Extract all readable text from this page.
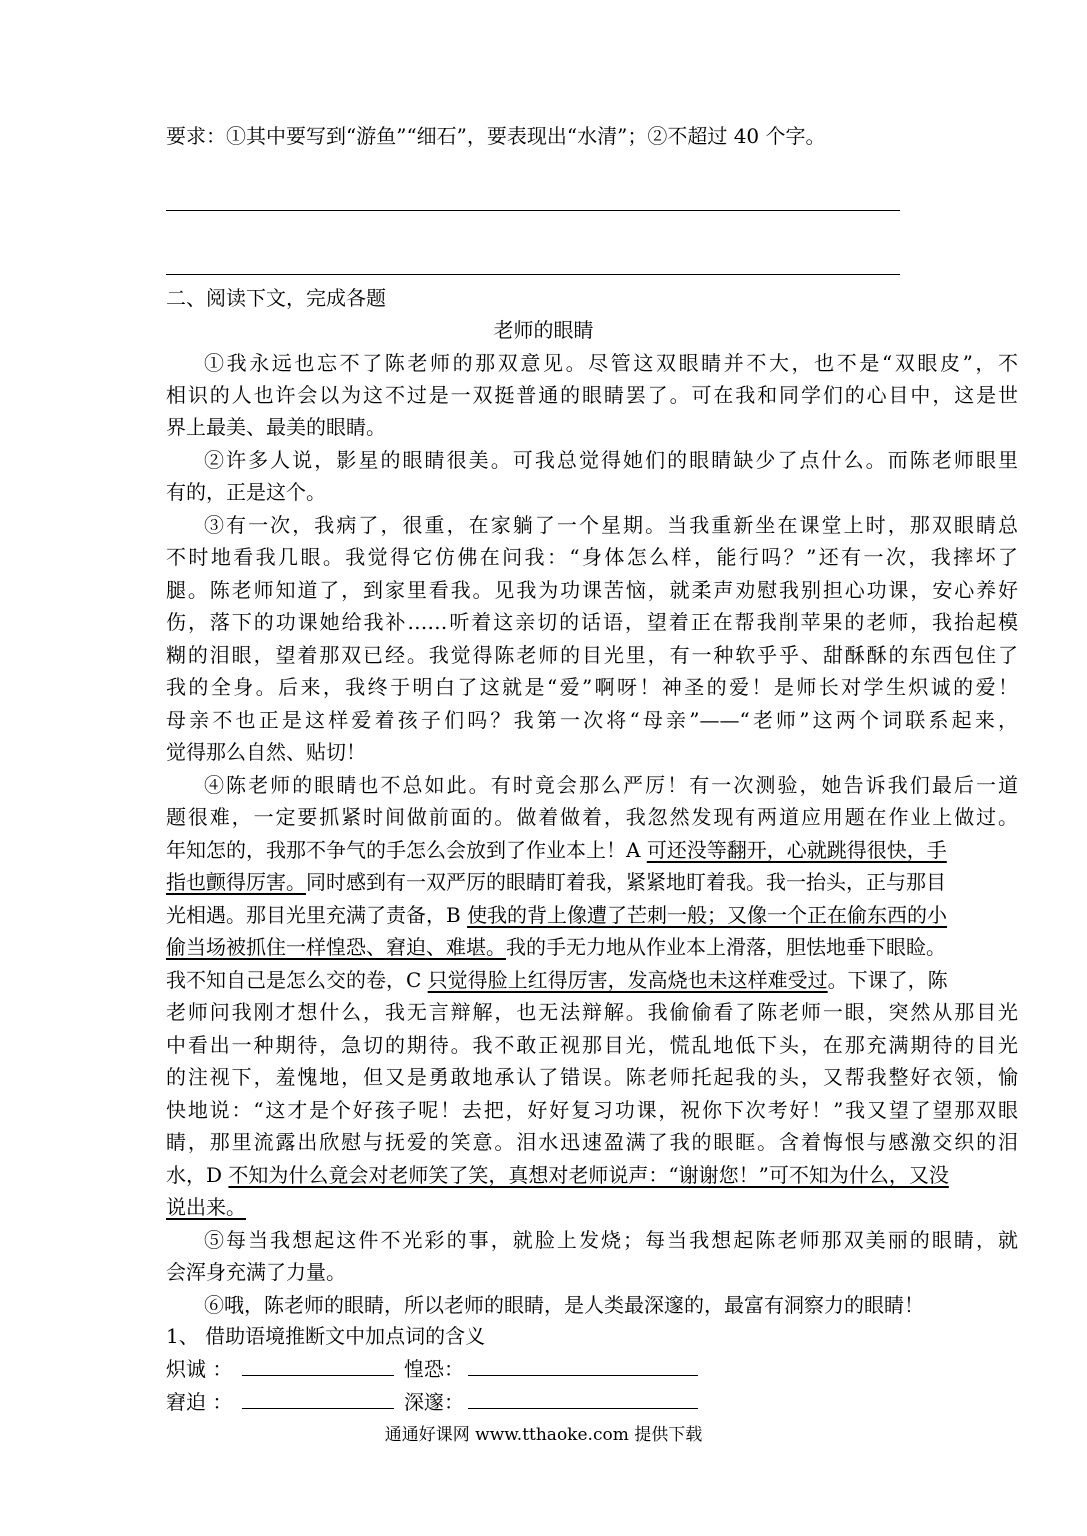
要求：①其中要写到“游鱼”“细石”，要表现出“水清”；②不超过 40 个字。
二、阅读下文，完成各题
老师的眼睛
①我永远也忘不了陈老师的那双意见。尽管这双眼睛并不大，也不是“双眼皮”，不
相识的人也许会以为这不过是一双挺普通的眼睛罢了。可在我和同学们的心目中，这是世
界上最美、最美的眼睛。
②许多人说，影星的眼睛很美。可我总觉得她们的眼睛缺少了点什么。而陈老师眼里
有的，正是这个。
③有一次，我病了，很重，在家躺了一个星期。当我重新坐在课堂上时，那双眼睛总
不时地看我几眼。我觉得它仿佛在问我：“身体怎么样，能行吗？”还有一次，我摔坏了
腿。陈老师知道了，到家里看我。见我为功课苦恼，就柔声劝慰我别担心功课，安心养好
伤，落下的功课她给我补……听着这亲切的话语，望着正在帮我削苹果的老师，我抬起模
糊的泪眼，望着那双已经。我觉得陈老师的目光里，有一种软乎乎、甜酥酥的东西包住了
我的全身。后来，我终于明白了这就是“爱”啊呀！神圣的爱！是师长对学生炽诚的爱！
母亲不也正是这样爱着孩子们吗？我第一次将“母亲”——“老师”这两个词联系起来，
觉得那么自然、贴切！
④陈老师的眼睛也不总如此。有时竟会那么严厉！有一次测验，她告诉我们最后一道
题很难，一定要抓紧时间做前面的。做着做着，我忽然发现有两道应用题在作业上做过。
年知怎的，我那不争气的手怎么会放到了作业本上！A 可还没等翻开，心就跳得很快，手
指也颤得厉害。同时感到有一双严厉的眼睛盯着我，紧紧地盯着我。我一抬头，正与那目
光相遇。那目光里充满了责备，B 使我的背上像遭了芒刺一般；又像一个正在偷东西的小
偷当场被抓住一样惶恐、窘迫、难堪。我的手无力地从作业本上滑落，胆怯地垂下眼睑。
我不知自己是怎么交的卷，C 只觉得脸上红得厉害，发高烧也未这样难受过。下课了，陈
老师问我刚才想什么，我无言辩解，也无法辩解。我偷偷看了陈老师一眼，突然从那目光
中看出一种期待，急切的期待。我不敢正视那目光，慌乱地低下头，在那充满期待的目光
的注视下，羞愧地，但又是勇敢地承认了错误。陈老师托起我的头，又帮我整好衣领，愉
快地说：“这才是个好孩子呢！去把，好好复习功课，祝你下次考好！”我又望了望那双眼
睛，那里流露出欣慰与抚爱的笑意。泪水迅速盈满了我的眼眶。含着悔恨与感激交织的泪
水，D 不知为什么竟会对老师笑了笑，真想对老师说声：“谢谢您！”可不知为什么，又没
说出来。
⑤每当我想起这件不光彩的事，就脸上发烧；每当我想起陈老师那双美丽的眼睛，就
会浑身充满了力量。
⑥哦，陈老师的眼睛，所以老师的眼睛，是人类最深邃的，最富有洞察力的眼睛！
1、 借助语境推断文中加点词的含义
炽诚 ：	惶恐：
窘迫 ：	深邃：
通通好课网 www.tthaoke.com 提供下载
